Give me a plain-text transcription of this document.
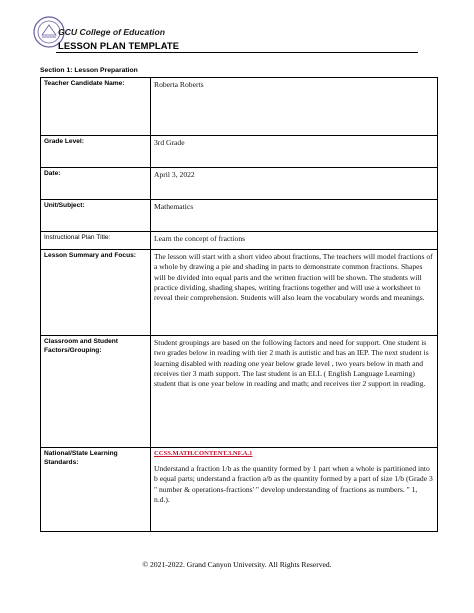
GCU College of Education
LESSON PLAN TEMPLATE
Section 1: Lesson Preparation
Teacher Candidate Name:	Roberta Roberts
Grade Level:	3rd Grade
Date:	April 3, 2022
Unit/Subject:	Mathematics
Instructional Plan Title:	Learn the concept of fractions
Lesson Summary and Focus:	The lesson will start with a short video about fractions, The teachers will model fractions of a whole by drawing a pie and shading in parts to demonstrate common fractions. Shapes will be divided into equal parts and the written fraction will be shown. The students will practice dividing, shading shapes, writing fractions together and will use a worksheet to reveal their comprehension. Students will also learn the vocabulary words and meanings.
Classroom and Student Factors/Grouping:	Student groupings are based on the following factors and need for support. One student is two grades below in reading with tier 2 math is autistic and has an IEP. The next student is learning disabled with reading one year below grade level , two years below in math and receives tier 3 math support. The last student is an ELL ( English Language Learning) student that is one year below in reading and math; and receives tier 2 support in reading.
National/State Learning Standards:	CCSS.MATH.CONTENT.3.NF.A.1
Understand a fraction 1/b as the quantity formed by 1 part when a whole is partitioned into b equal parts; understand a fraction a/b as the quantity formed by a part of size 1/b (Grade 3 " number & operations-fractions' " develop understanding of fractions as numbers. " 1, n.d.).
© 2021-2022. Grand Canyon University. All Rights Reserved.
